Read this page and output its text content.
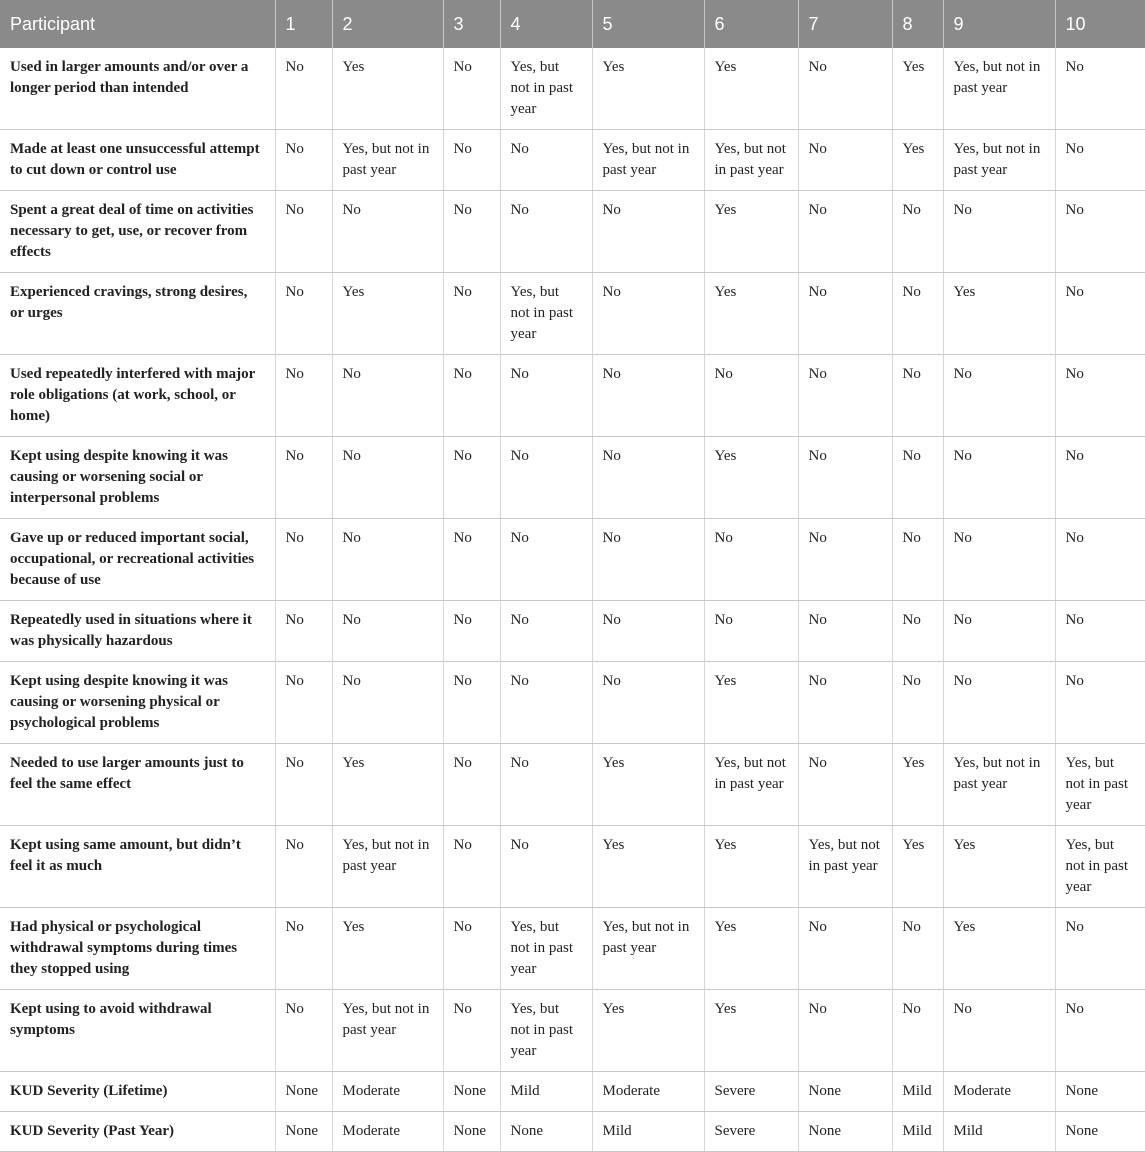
Participant	1	2	3	4	5	6	7	8	9	10
Used in larger amounts and/or over a longer period than intended	No	Yes	No	Yes, but not in past year	Yes	Yes	No	Yes	Yes, but not in past year	No
Made at least one unsuccessful attempt to cut down or control use	No	Yes, but not in past year	No	No	Yes, but not in past year	Yes, but not in past year	No	Yes	Yes, but not in past year	No
Spent a great deal of time on activities necessary to get, use, or recover from effects	No	No	No	No	No	Yes	No	No	No	No
Experienced cravings, strong desires, or urges	No	Yes	No	Yes, but not in past year	No	Yes	No	No	Yes	No
Used repeatedly interfered with major role obligations (at work, school, or home)	No	No	No	No	No	No	No	No	No	No
Kept using despite knowing it was causing or worsening social or interpersonal problems	No	No	No	No	No	Yes	No	No	No	No
Gave up or reduced important social, occupational, or recreational activities because of use	No	No	No	No	No	No	No	No	No	No
Repeatedly used in situations where it was physically hazardous	No	No	No	No	No	No	No	No	No	No
Kept using despite knowing it was causing or worsening physical or psychological problems	No	No	No	No	No	Yes	No	No	No	No
Needed to use larger amounts just to feel the same effect	No	Yes	No	No	Yes	Yes, but not in past year	No	Yes	Yes, but not in past year	Yes, but not in past year
Kept using same amount, but didn’t feel it as much	No	Yes, but not in past year	No	No	Yes	Yes	Yes, but not in past year	Yes	Yes	Yes, but not in past year
Had physical or psychological withdrawal symptoms during times they stopped using	No	Yes	No	Yes, but not in past year	Yes, but not in past year	Yes	No	No	Yes	No
Kept using to avoid withdrawal symptoms	No	Yes, but not in past year	No	Yes, but not in past year	Yes	Yes	No	No	No	No
KUD Severity (Lifetime)	None	Moderate	None	Mild	Moderate	Severe	None	Mild	Moderate	None
KUD Severity (Past Year)	None	Moderate	None	None	Mild	Severe	None	Mild	Mild	None
